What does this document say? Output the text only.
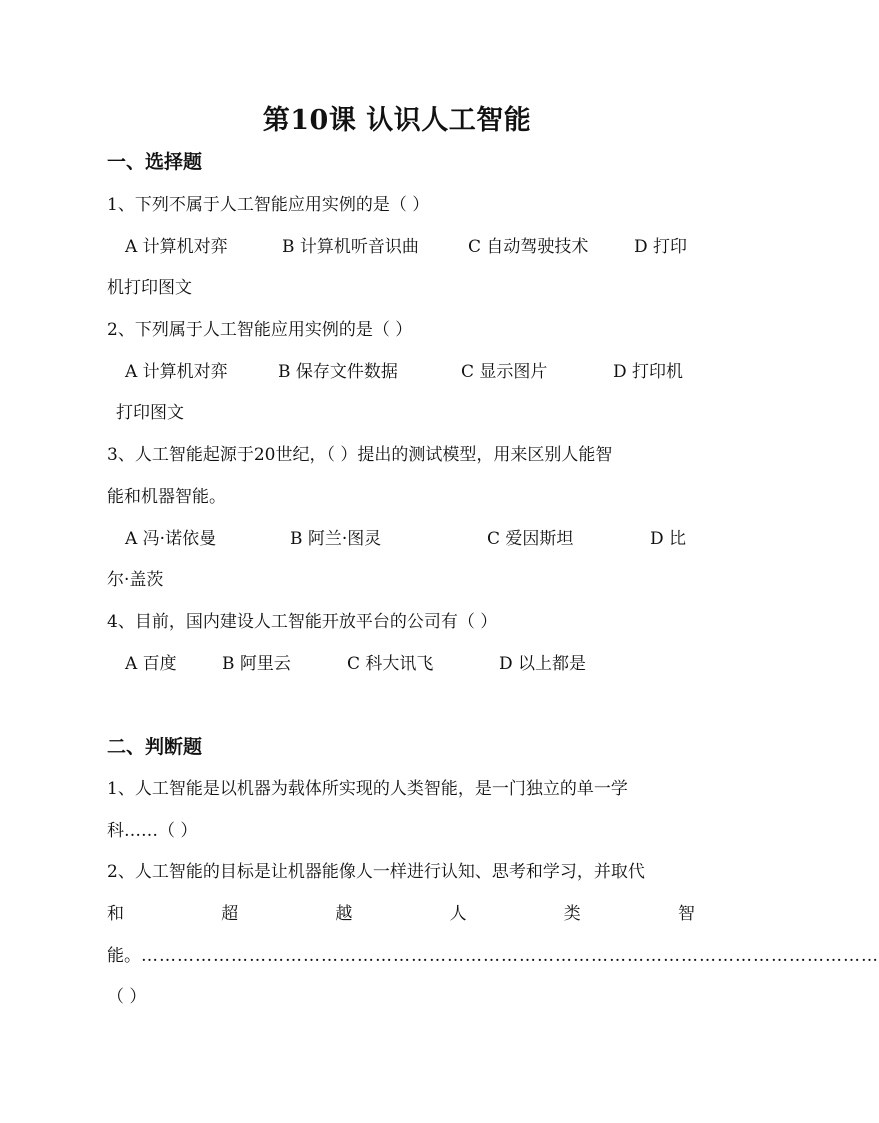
第10课 认识人工智能
一、选择题
1、下列不属于人工智能应用实例的是（ ）
A 计算机对弈	B 计算机听音识曲	C 自动驾驶技术	D 打印
机打印图文
2、下列属于人工智能应用实例的是（ ）
A 计算机对弈	B 保存文件数据	C 显示图片	D 打印机
打印图文
3、人工智能起源于20世纪，（ ）提出的测试模型，用来区别人能智
能和机器智能。
A 冯·诺依曼	B 阿兰·图灵	C 爱因斯坦	D 比
尔·盖茨
4、目前，国内建设人工智能开放平台的公司有（ ）
A 百度	B 阿里云	C 科大讯飞	D 以上都是
二、判断题
1、人工智能是以机器为载体所实现的人类智能，是一门独立的单一学
科……（ ）
2、人工智能的目标是让机器能像人一样进行认知、思考和学习，并取代
和	超	越	人	类	智
能。……………………………………………………………………………………………………………
（ ）
